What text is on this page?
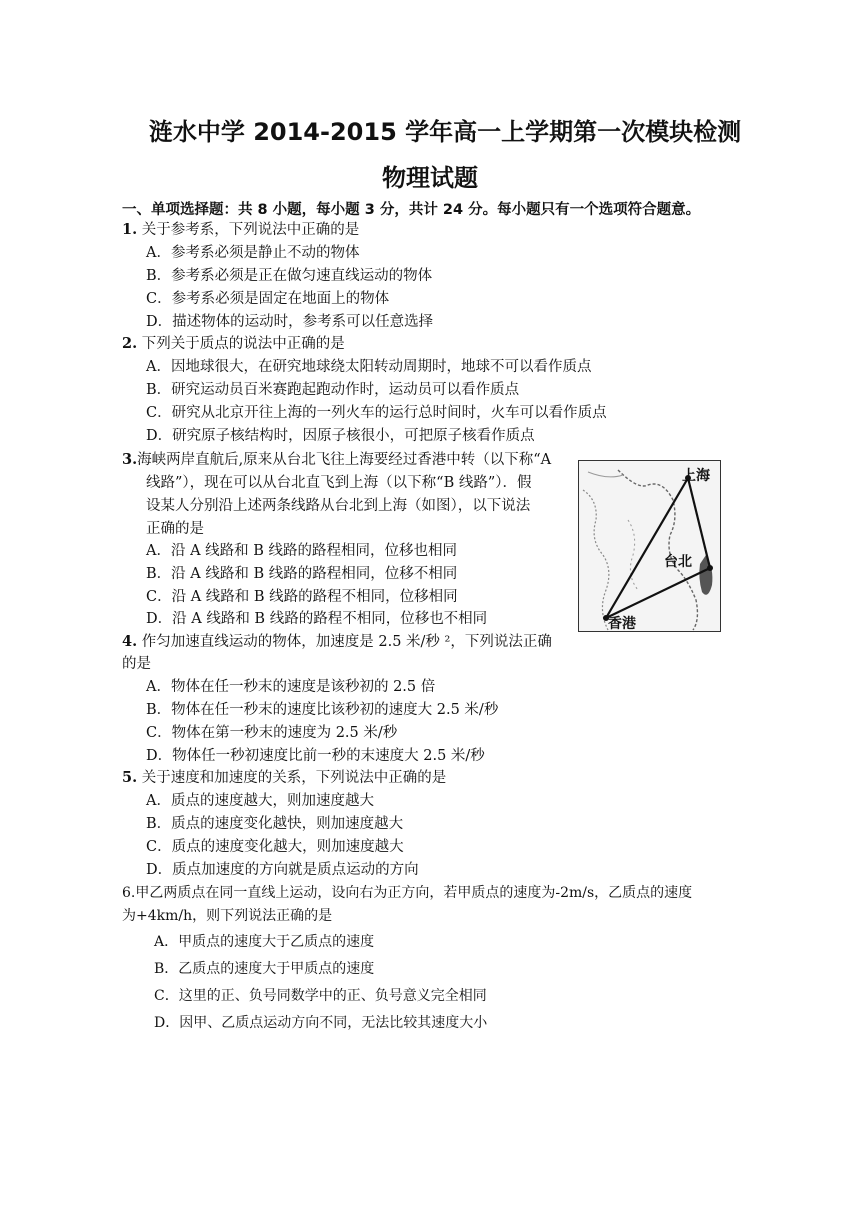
涟水中学 2014-2015 学年高一上学期第一次模块检测
物理试题
一、单项选择题：共 8 小题，每小题 3 分，共计 24 分。每小题只有一个选项符合题意。
1. 关于参考系，下列说法中正确的是
A．参考系必须是静止不动的物体
B．参考系必须是正在做匀速直线运动的物体
C．参考系必须是固定在地面上的物体
D．描述物体的运动时，参考系可以任意选择
2. 下列关于质点的说法中正确的是
A．因地球很大，在研究地球绕太阳转动周期时，地球不可以看作质点
B．研究运动员百米赛跑起跑动作时，运动员可以看作质点
C．研究从北京开往上海的一列火车的运行总时间时，火车可以看作质点
D．研究原子核结构时，因原子核很小，可把原子核看作质点
3.海峡两岸直航后,原来从台北飞往上海要经过香港中转（以下称“A
线路”），现在可以从台北直飞到上海（以下称“B 线路”）．假
设某人分别沿上述两条线路从台北到上海（如图），以下说法
正确的是
A．沿 A 线路和 B 线路的路程相同，位移也相同
B．沿 A 线路和 B 线路的路程相同，位移不相同
C．沿 A 线路和 B 线路的路程不相同，位移相同
D．沿 A 线路和 B 线路的路程不相同，位移也不相同
上海
台北
香港
4. 作匀加速直线运动的物体，加速度是 2.5 米/秒 ²，下列说法正确
的是
A．物体在任一秒末的速度是该秒初的 2.5 倍
B．物体在任一秒末的速度比该秒初的速度大 2.5 米/秒
C．物体在第一秒末的速度为 2.5 米/秒
D．物体任一秒初速度比前一秒的末速度大 2.5 米/秒
5. 关于速度和加速度的关系，下列说法中正确的是
A．质点的速度越大，则加速度越大
B．质点的速度变化越快，则加速度越大
C．质点的速度变化越大，则加速度越大
D．质点加速度的方向就是质点运动的方向
6.甲乙两质点在同一直线上运动，设向右为正方向，若甲质点的速度为-2m/s，乙质点的速度
为+4km/h，则下列说法正确的是
A．甲质点的速度大于乙质点的速度
B．乙质点的速度大于甲质点的速度
C．这里的正、负号同数学中的正、负号意义完全相同
D．因甲、乙质点运动方向不同，无法比较其速度大小
